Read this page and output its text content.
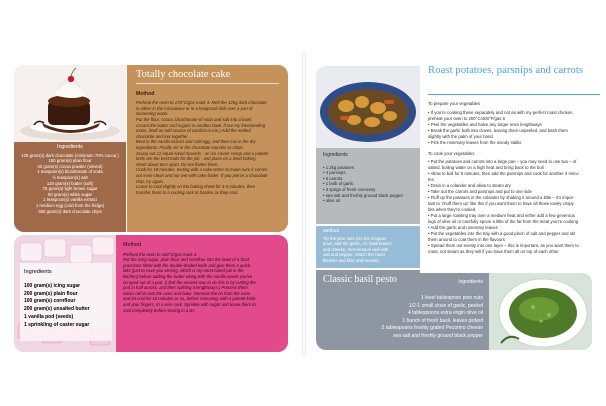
Ingredients

125 gram(s) dark chocolate (minimum 70% cocoa )

150 gram(s) plain flour

30 gram(s) cocoa powder (sieved)

1 teaspoon(s) bicarbonate of soda

½ teaspoon(s) salt

125 gram(s) butter (soft)

75 gram(s) light brown sugar

50 gram(s) white sugar

1 teaspoon(s) vanilla extract

1 medium egg (cold from the fridge)

350 gram(s) dark chocolate chips

Totally chocolate cake
Method

Preheat the oven to 170°C/gas mark 3. Melt the 125g dark chocolate

in either in the microwave or in a heatproof dish over a pan of

simmering water.

Put the flour, cocoa, bicarbonate of soda and salt into a bowl.

Cream the butter and sugars in another bowl. If our my freestanding

mixer, itself an odd source of comfort to me.) Add the melted

chocolate and mix together.

Beat in the vanilla extract and cold egg, and then mix in the dry

ingredients. Finally stir in the chocolate morsels or chips.

Scoop out 12 equal-sized mounds - an ice cream scoop and a palette

knife are the best tools for the job - and place on a lined baking

sheet about 6cm apart. Do not flatten them.

Cook for 18 minutes, testing with a cake tester to make sure it comes

out semi-clean and not wet with cake batter. If you pierce a chocolate

chip, try again.

Leave to cool slightly on the baking sheet for 4-5 minutes, then

transfer them to a cooling rack to harden as they cool.

Ingredients
100 gram(s) icing sugar
200 gram(s) plain flour
100 gram(s) cornflour
200 gram(s) unsalted butter
1 vanilla pod (seeds)
1 sprinkling of caster sugar
Method

Preheat the oven to 160°C/gas mark 3.

Put the icing sugar, plain flour and cornflour into the bowl of a food

processor fitted with the double-bladed knife and give them a quick

blitz (just to save you sieving, which is my most-hated job in the

kitchen) before adding the butter along with the vanilla seeds you've

scraped out of a pod. (I find the easiest way to do this is by cutting the

pod in half across, and then splitting it lengthways.) Process them.

Swiss roll tin into the oven and bake. Remove the tin from the oven

and let cool for 10 minutes or so, before removing, with a palette knife

and your fingers, to a wire rack. Sprinkle with sugar and leave them to

cool completely before storing in a tin.

Ingredients

• 1.2kg potatoes

• 4 parsnips

• 6 carrots

• 1 bulb of garlic

• 3 sprigs of fresh rosemary

• sea salt and freshly ground black pepper

• olive oil

Method

Tip the pine nuts into the chopper

bowl, add the garlic, oil, basil leaves

and cheese, then season well with

salt and pepper. Attach the hand

blender and blitz until smooth.

Roast potatoes, parsnips and carrots

To prepare your vegetables

• If you're cooking these separately and not as with my perfect roast chicken,

preheat your oven to 200°C/400°F/gas 6

• Peel the vegetables and halve any larger ones lengthways

• Break the garlic bulb into cloves, leaving them unpeeled, and bash them

slightly with the palm of your hand

• Pick the rosemary leaves from the woody stalks

To cook your vegetables

• Put the potatoes and carrots into a large pan – you may need to use two – of

salted, boiling water on a high heat and bring back to the boil

• Allow to boil for 5 minutes, then add the parsnips and cook for another 4 minu-

tes

• Drain in a colander and allow to steam dry

• Take out the carrots and parsnips and put to one side

• Fluff up the potatoes in the colander by shaking it around a little – it's impor-

tant to 'chuff them up' like this if you want them to have all those lovely crispy

bits when they're cooked

• Put a large roasting tray over a medium heat and either add a few generous

lugs of olive oil or carefully spoon a little of the fat from the meat you're cooking

• Add the garlic and rosemary leaves

• Put the vegetables into the tray with a good pinch of salt and pepper and stir

them around to coat them in the flavours

• Spread them out evenly into one layer – this is important, as you want them to

roast, not steam as they will if you have them all on top of each other

Ingredients
1 level tablespoon pine nuts
1/2-1 small clove of garlic, peeled
4 tablespoons extra virgin olive oil
1 bunch of fresh basil, leaves picked
2 tablespoons freshly grated Pecorino cheese
sea salt and freshly ground black pepper
Classic basil pesto
